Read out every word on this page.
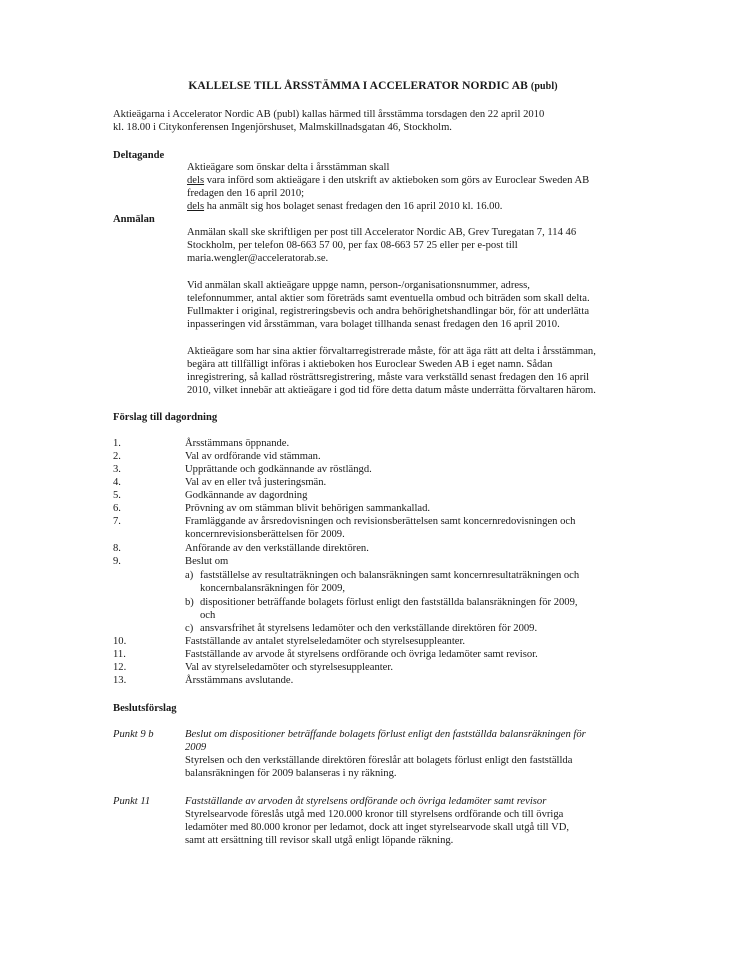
KALLELSE TILL ÅRSSTÄMMA I ACCELERATOR NORDIC AB (publ)
Aktieägarna i Accelerator Nordic AB (publ) kallas härmed till årsstämma torsdagen den 22 april 2010
kl. 18.00 i Citykonferensen Ingenjörshuset, Malmskillnadsgatan 46, Stockholm.
Deltagande
Aktieägare som önskar delta i årsstämman skall
dels vara införd som aktieägare i den utskrift av aktieboken som görs av Euroclear Sweden AB
fredagen den 16 april 2010;
dels ha anmält sig hos bolaget senast fredagen den 16 april 2010 kl. 16.00.
Anmälan
Anmälan skall ske skriftligen per post till Accelerator Nordic AB, Grev Turegatan 7, 114 46
Stockholm, per telefon 08-663 57 00, per fax 08-663 57 25 eller per e-post till
maria.wengler@acceleratorab.se.
Vid anmälan skall aktieägare uppge namn, person-/organisationsnummer, adress,
telefonnummer, antal aktier som företräds samt eventuella ombud och biträden som skall delta.
Fullmakter i original, registreringsbevis och andra behörighetshandlingar bör, för att underlätta
inpasseringen vid årsstämman, vara bolaget tillhanda senast fredagen den 16 april 2010.
Aktieägare som har sina aktier förvaltarregistrerade måste, för att äga rätt att delta i årsstämman,
begära att tillfälligt införas i aktieboken hos Euroclear Sweden AB i eget namn. Sådan
inregistrering, så kallad rösträttsregistrering, måste vara verkställd senast fredagen den 16 april
2010, vilket innebär att aktieägare i god tid före detta datum måste underrätta förvaltaren härom.
Förslag till dagordning
1.	Årsstämmans öppnande.
2.	Val av ordförande vid stämman.
3.	Upprättande och godkännande av röstlängd.
4.	Val av en eller två justeringsmän.
5.	Godkännande av dagordning
6.	Prövning av om stämman blivit behörigen sammankallad.
7.	Framläggande av årsredovisningen och revisionsberättelsen samt koncernredovisningen och
koncernrevisionsberättelsen för 2009.
8.	Anförande av den verkställande direktören.
9.	Beslut om
a) fastställelse av resultaträkningen och balansräkningen samt koncernresultaträkningen och
koncernbalansräkningen för 2009,
b) dispositioner beträffande bolagets förlust enligt den fastställda balansräkningen för 2009,
och
c) ansvarsfrihet åt styrelsens ledamöter och den verkställande direktören för 2009.
10.	Fastställande av antalet styrelseledamöter och styrelsesuppleanter.
11.	Fastställande av arvode åt styrelsens ordförande och övriga ledamöter samt revisor.
12.	Val av styrelseledamöter och styrelsesuppleanter.
13.	Årsstämmans avslutande.
Beslutsförslag
Punkt 9 b	Beslut om dispositioner beträffande bolagets förlust enligt den fastställda balansräkningen för
2009
Styrelsen och den verkställande direktören föreslår att bolagets förlust enligt den fastställda
balansräkningen för 2009 balanseras i ny räkning.
Punkt 11	Fastställande av arvoden åt styrelsens ordförande och övriga ledamöter samt revisor
Styrelsearvode föreslås utgå med 120.000 kronor till styrelsens ordförande och till övriga
ledamöter med 80.000 kronor per ledamot, dock att inget styrelsearvode skall utgå till VD,
samt att ersättning till revisor skall utgå enligt löpande räkning.
